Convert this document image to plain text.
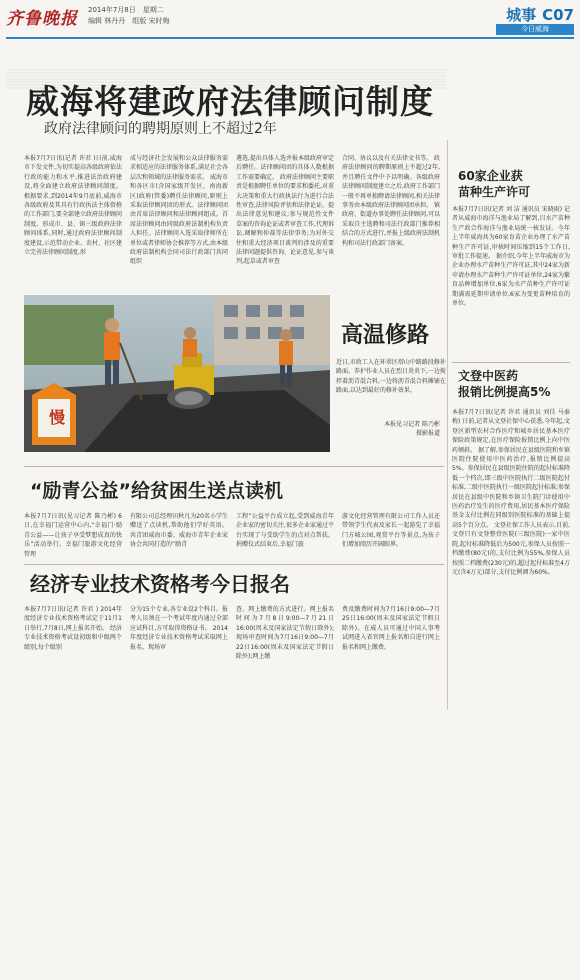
齐鲁晚报 2014年7月8日　 星期二
编辑 林丹丹　 组版 宋时梅	城事 C07
今日威海
威海将建政府法律顾问制度
政府法律顾问的聘期原则上不超过2年
本报7月7日讯(记者 许君 )日前,威海市下发文件,为切实提高各级政府依法行政的能力和水平,推进法治政府建设,将全面建立政府法律顾问制度。 根据要求,到2014年9月底前,威海市各级政府及其具有行政执法主体资格的工作部门,要全部建立政府法律顾问制度。形成市、县、镇三级政府法律顾问体系,同时,通过政府法律顾问制度建设,示范带动企业、农村、社区建立完善法律顾问制度,形
成与经济社会发展和公众法律服务需求相适应的法律服务体系,满足社会各层次和领域的法律服务需求。 威海市和各区市(含国家级开发区、南海新区)政府(管委)聘任法律顾问,原则上采取法律顾问团的形式。法律顾问团由首席法律顾问和法律顾问组成。首席法律顾问由同级政府法制机构负责人担任。法律顾问入选采取律师所在单位或者律师协会推荐等方式,由本级政府法制机构会同司法行政部门共同组织
遴选,提出具体人选并报本级政府审定后聘任。法律顾问团的具体人数根据工作需要确定。 政府法律顾问主要职责是根据聘任单位的要求和委托,对重大决策和重大行政执法行为进行合法性审查,法律风险评估和法律论证。提出法律意见和建议;参与规范性文件草案的咨询论证或者审查工作,代理诉讼,调解和仲裁等法律事务;为对外交往和重大经济项目谈判的涉及的重要法律问题提供咨询、论证意见,参与谈判,起草或者审查
合同、协议以及有关法律文书等。 政府法律顾问的聘期原则上不超过2年,并且聘任文件中予以明确。各级政府法律顾问制度建立之后,政府工作部门一般不再单独聘请法律顾问,相关法律事务由本级政府法律顾问团承担。 镇政府、街道办事处聘任法律顾问,可以采取自主选聘和司法行政部门推荐相结合的方式进行,并报上级政府法制机构和司法行政部门备案。
慢
高温修路
近日,市政工人在环翠区塔山中路路段修补路面。养护作业人员在烈日炎炎下,一边搅拌着沥青混合料,一边将沥青混合料摊铺在路面,以达到最好的修补效果。
本报见习记者 陈乃彬
摄影报道
“励青公益”给贫困生送点读机
本报7月7日讯(见习记者 陈乃彬) 6日,在幸福门运营中心内,“幸福门·励青公益——让孩子享受梦想成真的快乐”活动举行。幸福门旅游文化经营管理
有限公司总经理田秋凡为20名小学生赠送了点读机,帮助他们学好英语。 共青团威海市委、威海市青年企业家协会共同打造的“励青
工程”公益平台成立起,受到威海青年企业家的密切关注,很多企业家通过平台实现了与受助学生的点对点帮扶。 捐赠仪式结束后,幸福门旅
游文化经营管理有限公司工作人员还带领学生代表及家长一起游览了幸福门方城公园,观赏平台等景点,为孩子们增加阅历开阔眼界。
经济专业技术资格考今日报名
本报7月7日讯(记者 许君 ) 2014年度经济专业技术资格考试定于11月1日举行,7月8日,网上报名开始。 经济专业技术资格考试设初级和中级两个级别,每个级别
分为15个专业,各专业设2个科目。报考人员须在一个考试年度内通过全部应试科目,方可取得资格证书。 2014年度经济专业技术资格考试采取网上报名、现场审
查、网上缴费的方式进行。网上报名时间为7月8日9:00—7月21日16:00(周末及国家法定节假日除外);现场审查时间为7月16日9:00—7月22日16:00(周末及国家法定节假日除外);网上缴
费及缴费时间为7月16日9:00—7月25日16:00(周末及国家法定节假日除外)。在威人员可通过中国人事考试网进入省官网上报名和自进行网上报名和网上缴费。
60家企业获
苗种生产许可
本报7月7日讯(记者 刘 洁 通讯员 宋晓雨) 记者从威海市海洋与渔业局了解到,目水产苗种生产政合作海洋与渔业局统一核发证。今年上半年威海共为60家育苗企业办理了水产苗种生产许可证,审核时间压缩到15个工作日,审批工作提速。 据介绍,今年上半年威海市为企业办理水产苗种生产许可证,其中24家为新申请办理水产苗种生产许可证单位,24家为繁育品种增加单位,6家为水产苗种生产许可证期满需延期申请单位,6家为变更苗种培育的单位。
文登中医药
报销比例提高5%
本报7月7日讯(记者 许君 通讯员 刘佳 马秦梅) 日前,记者从文登社保中心获悉,今年起,文登区新型农村合作医疗和城乡居民基本医疗保险政策规定,在医疗保险报销比例上向中医药倾斜。 据了解,参保居民在县级医院和乡镇医院住院使用中医药治疗,报销比例提高5%。参保居民在县级医院住院的起付标准降低一个档次,即三级中医院执行二级医院起付标准,二级中医院执行一级医院起付标准;参保居民在县级中医院和乡镇卫生院门诊使用中医药治疗发生的医疗费用,居民基本医疗保险基金支付比例在同级别医院标准的基础上提高5个百分点。 文登社保工作人员表示,目前,文登只有文登整骨医院(三级医院)一家中医院,起付标准降低后为500元,参保人员按照一档缴费(80元)的,支付比例为55%,参保人员按照二档缴费(230元)的,超过起付标准至4万元(含4万元)部分,支付比例调为60%。
